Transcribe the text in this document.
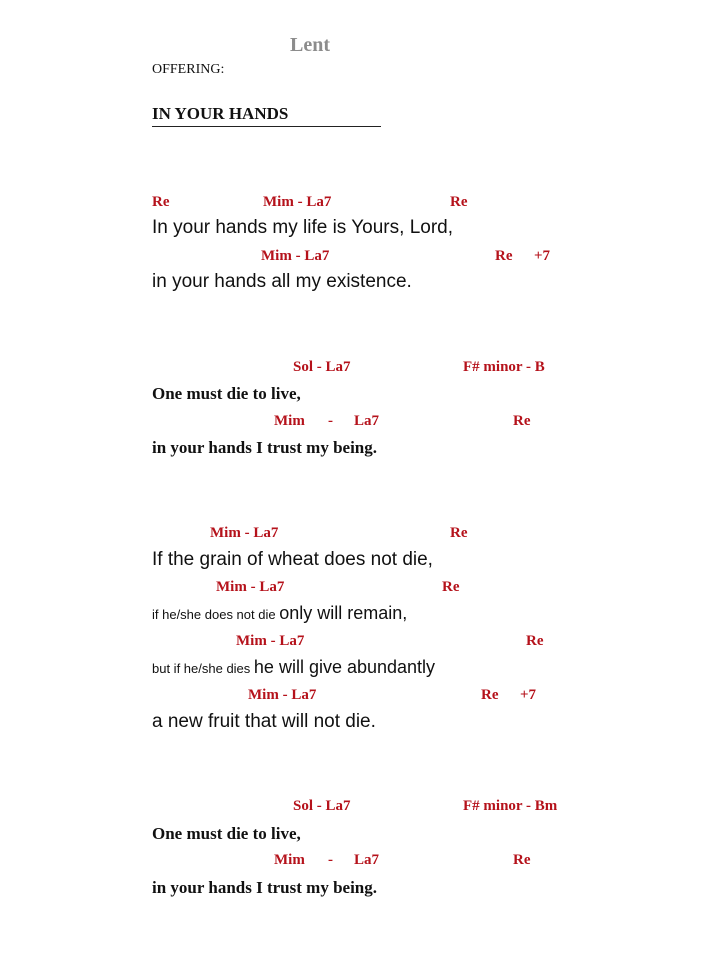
Lent
OFFERING:
IN YOUR HANDS
Re	Mim - La7	Re
In your hands my life is Yours, Lord,
Mim - La7	Re +7
in your hands all my existence.
Sol - La7	F# minor - B
One must die to live,
Mim - La7	Re
in your hands I trust my being.
Mim - La7	Re
If the grain of wheat does not die,
Mim - La7	Re
if he/she does not die only will remain,
Mim - La7	Re
but if he/she dies he will give abundantly
Mim - La7	Re +7
a new fruit that will not die.
Sol - La7	F# minor - Bm
One must die to live,
Mim - La7	Re
in your hands I trust my being.
